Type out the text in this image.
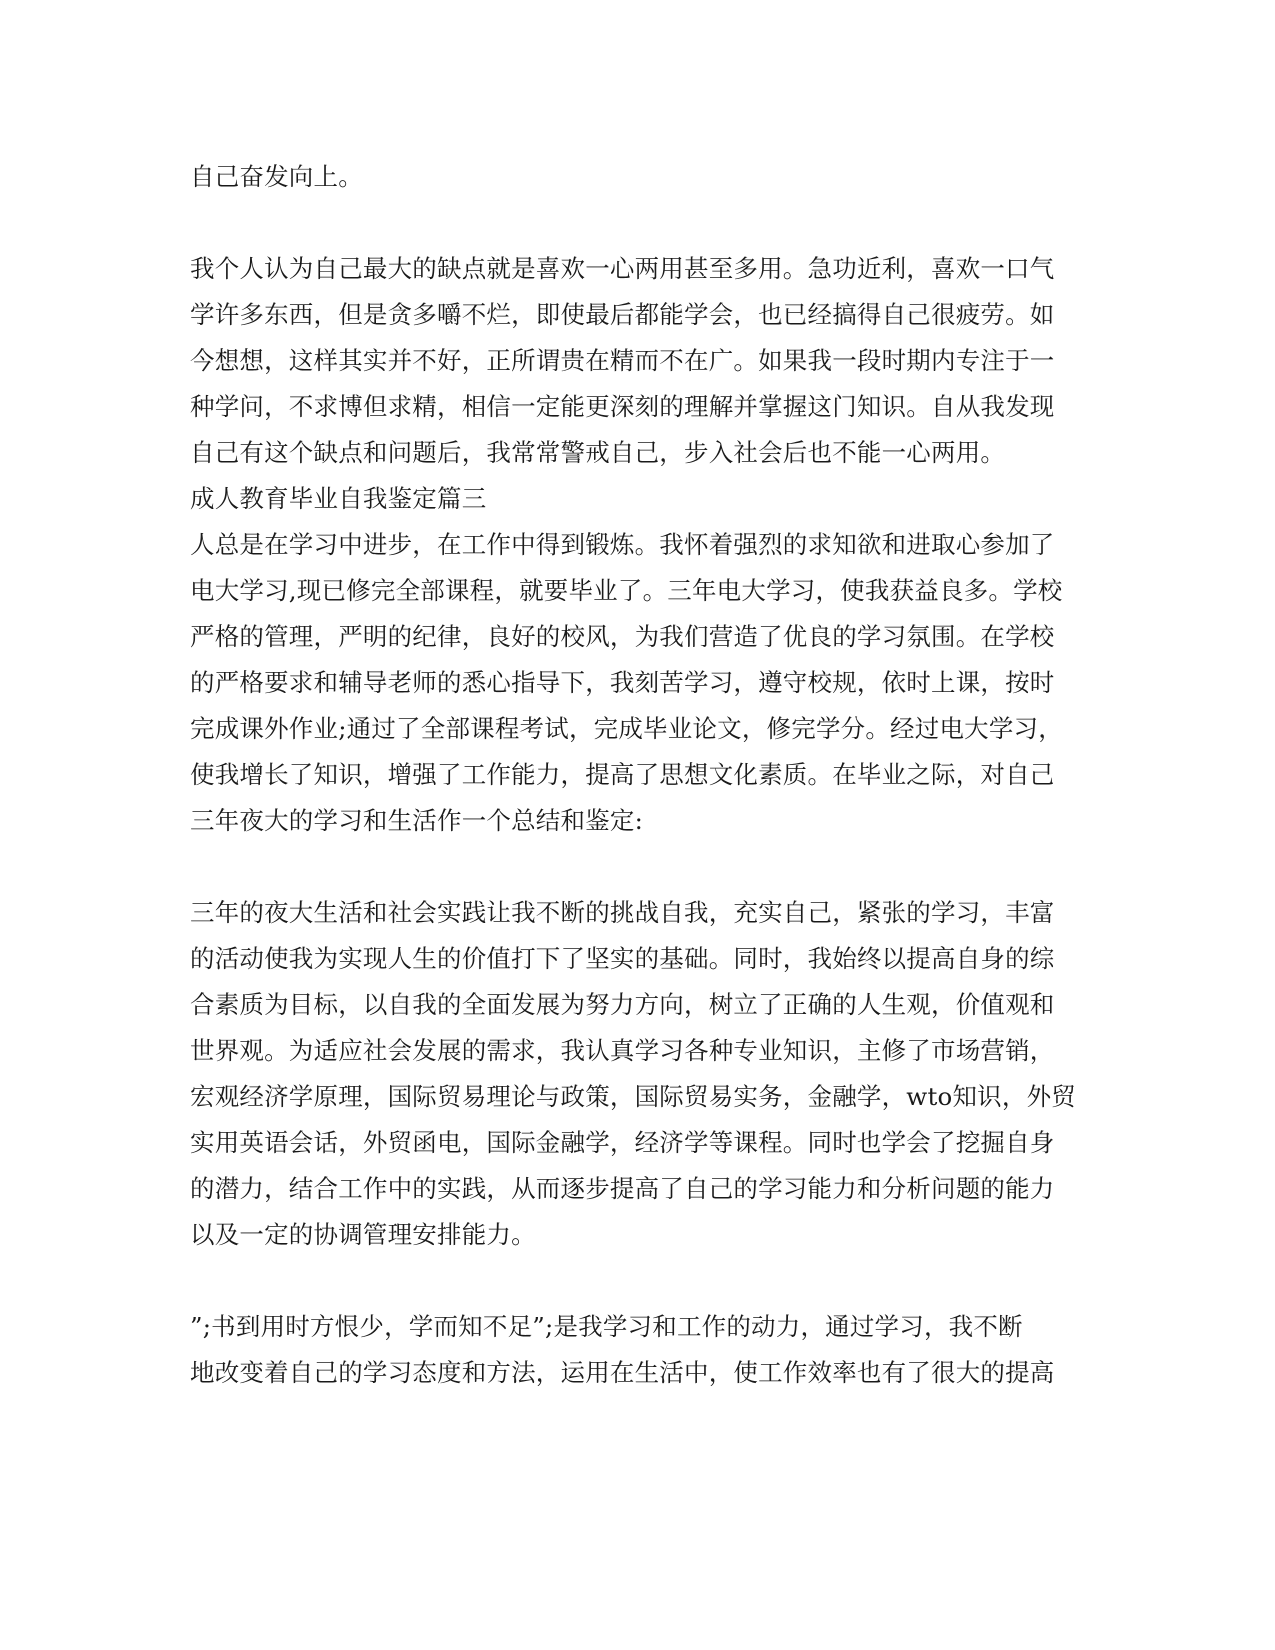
自己奋发向上。
我个人认为自己最大的缺点就是喜欢一心两用甚至多用。急功近利，喜欢一口气
学许多东西，但是贪多嚼不烂，即使最后都能学会，也已经搞得自己很疲劳。如
今想想，这样其实并不好，正所谓贵在精而不在广。如果我一段时期内专注于一
种学问，不求博但求精，相信一定能更深刻的理解并掌握这门知识。自从我发现
自己有这个缺点和问题后，我常常警戒自己，步入社会后也不能一心两用。
成人教育毕业自我鉴定篇三
人总是在学习中进步，在工作中得到锻炼。我怀着强烈的求知欲和进取心参加了
电大学习,现已修完全部课程，就要毕业了。三年电大学习，使我获益良多。学校
严格的管理，严明的纪律，良好的校风，为我们营造了优良的学习氛围。在学校
的严格要求和辅导老师的悉心指导下，我刻苦学习，遵守校规，依时上课，按时
完成课外作业;通过了全部课程考试，完成毕业论文，修完学分。经过电大学习，
使我增长了知识，增强了工作能力，提高了思想文化素质。在毕业之际，对自己
三年夜大的学习和生活作一个总结和鉴定:
三年的夜大生活和社会实践让我不断的挑战自我，充实自己，紧张的学习，丰富
的活动使我为实现人生的价值打下了坚实的基础。同时，我始终以提高自身的综
合素质为目标，以自我的全面发展为努力方向，树立了正确的人生观，价值观和
世界观。为适应社会发展的需求，我认真学习各种专业知识，主修了市场营销，
宏观经济学原理，国际贸易理论与政策，国际贸易实务，金融学，wto知识，外贸
实用英语会话，外贸函电，国际金融学，经济学等课程。同时也学会了挖掘自身
的潜力，结合工作中的实践，从而逐步提高了自己的学习能力和分析问题的能力
以及一定的协调管理安排能力。
”;书到用时方恨少，学而知不足”;是我学习和工作的动力，通过学习，我不断
地改变着自己的学习态度和方法，运用在生活中，使工作效率也有了很大的提高
